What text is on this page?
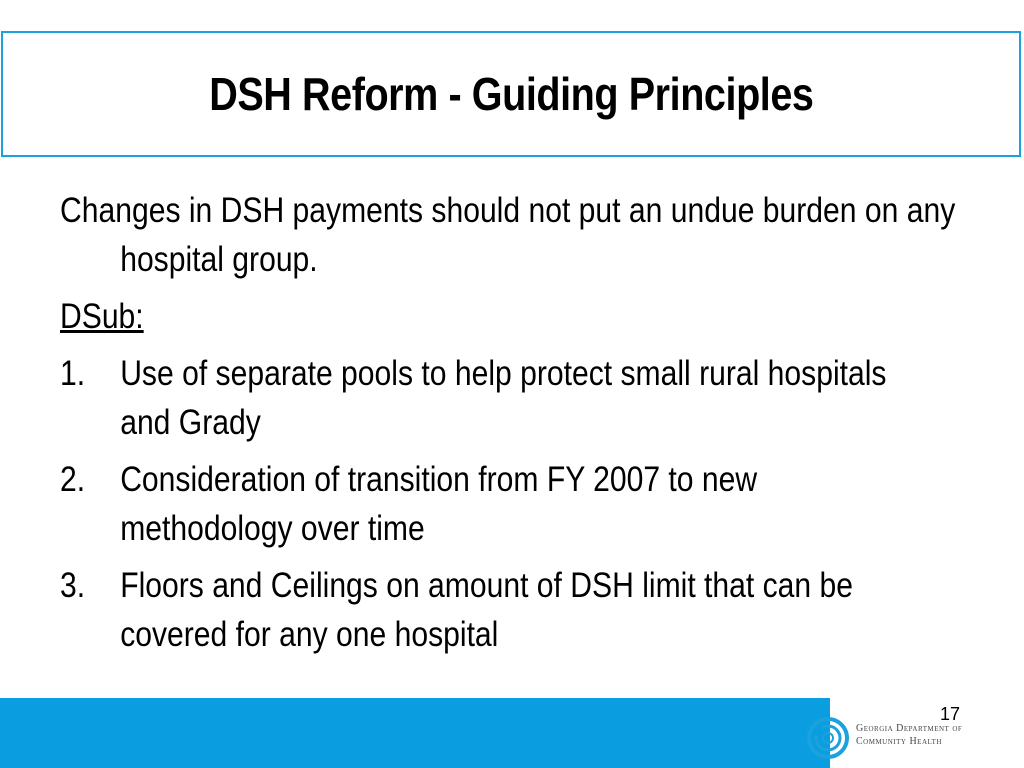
DSH Reform - Guiding Principles
Changes in DSH payments should not put an undue burden on any hospital group.
DSub:
1. Use of separate pools to help protect small rural hospitals and Grady
2. Consideration of transition from FY 2007 to new methodology over time
3. Floors and Ceilings on amount of DSH limit that can be covered for any one hospital
17
Georgia Department of
Community Health
